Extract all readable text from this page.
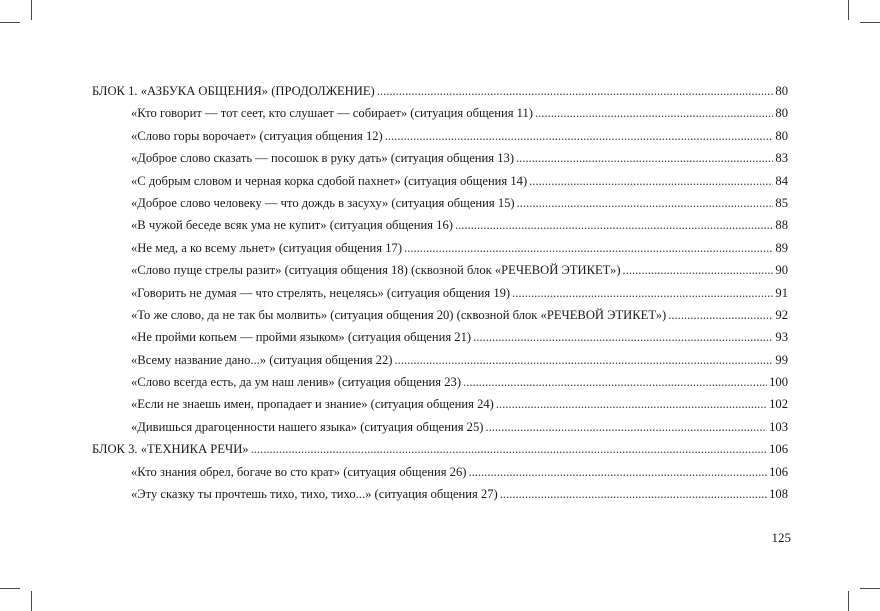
БЛОК 1. «АЗБУКА ОБЩЕНИЯ» (ПРОДОЛЖЕНИЕ) .....	80
«Кто говорит — тот сеет, кто слушает — собирает» (ситуация общения 11) .....	80
«Слово горы ворочает» (ситуация общения 12) .....	80
«Доброе слово сказать — посошок в руку дать» (ситуация общения 13) .....	83
«С добрым словом и черная корка сдобой пахнет» (ситуация общения 14) .....	84
«Доброе слово человеку — что дождь в засуху» (ситуация общения 15) .....	85
«В чужой беседе всяк ума не купит» (ситуация общения 16) .....	88
«Не мед, а ко всему льнет» (ситуация общения 17) .....	89
«Слово пуще стрелы разит» (ситуация общения 18) (сквозной блок «РЕЧЕВОЙ ЭТИКЕТ») .....	90
«Говорить не думая — что стрелять, нецелясь» (ситуация общения 19) .....	91
«То же слово, да не так бы молвить» (ситуация общения 20) (сквозной блок «РЕЧЕВОЙ ЭТИКЕТ») .....	92
«Не пройми копьем — пройми языком» (ситуация общения 21) .....	93
«Всему название дано...» (ситуация общения 22) .....	99
«Слово всегда есть, да ум наш ленив» (ситуация общения 23) .....	100
«Если не знаешь имен, пропадает и знание» (ситуация общения 24) .....	102
«Дивишься драгоценности нашего языка» (ситуация общения 25) .....	103
БЛОК 3. «ТЕХНИКА РЕЧИ» .....	106
«Кто знания обрел, богаче во сто крат» (ситуация общения 26) .....	106
«Эту сказку ты прочтешь тихо, тихо, тихо...» (ситуация общения 27) .....	108
125
